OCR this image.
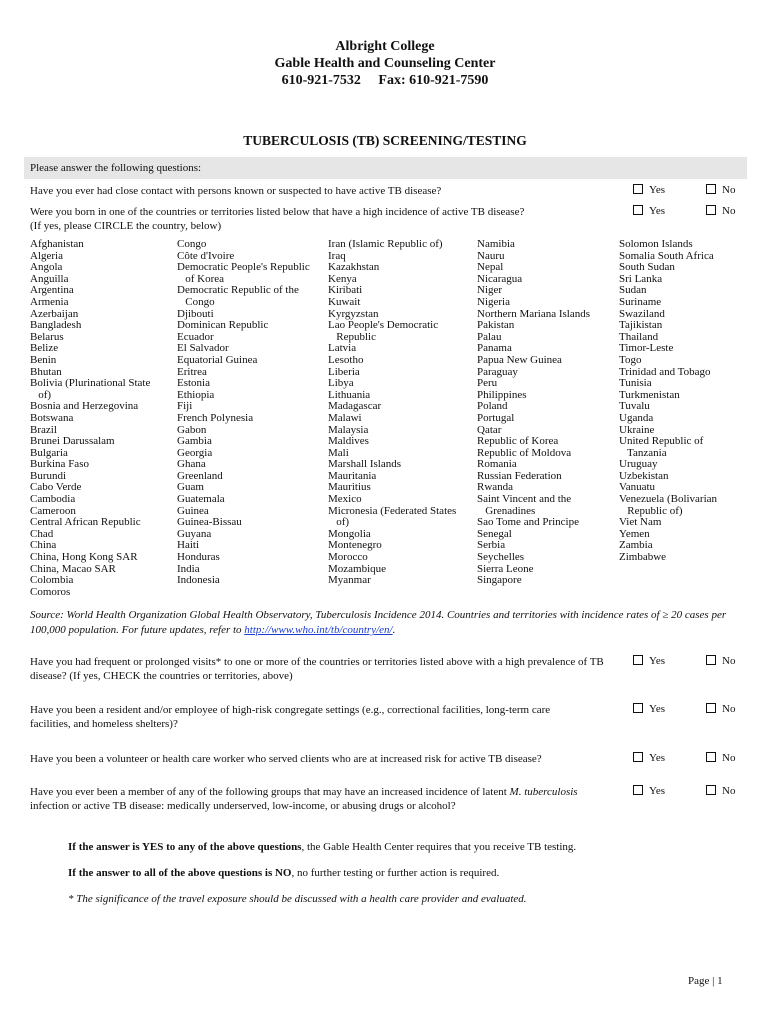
Albright College
Gable Health and Counseling Center
610-921-7532     Fax: 610-921-7590
TUBERCULOSIS (TB) SCREENING/TESTING
Please answer the following questions:
Have you ever had close contact with persons known or suspected to have active TB disease?	Yes	No
Were you born in one of the countries or territories listed below that have a high incidence of active TB disease?
(If yes, please CIRCLE the country, below)
Yes	No
Afghanistan
Algeria
Angola
Anguilla
Argentina
Armenia
Azerbaijan
Bangladesh
Belarus
Belize
Benin
Bhutan
Bolivia (Plurinational State
of)
Bosnia and Herzegovina
Botswana
Brazil
Brunei Darussalam
Bulgaria
Burkina Faso
Burundi
Cabo Verde
Cambodia
Cameroon
Central African Republic
Chad
China
China, Hong Kong SAR
China, Macao SAR
Colombia
Comoros
Congo
Côte d'Ivoire
Democratic People's Republic
of Korea
Democratic Republic of the
Congo
Djibouti
Dominican Republic
Ecuador
El Salvador
Equatorial Guinea
Eritrea
Estonia
Ethiopia
Fiji
French Polynesia
Gabon
Gambia
Georgia
Ghana
Greenland
Guam
Guatemala
Guinea
Guinea-Bissau
Guyana
Haiti
Honduras
India
Indonesia
Iran (Islamic Republic of)
Iraq
Kazakhstan
Kenya
Kiribati
Kuwait
Kyrgyzstan
Lao People's Democratic
Republic
Latvia
Lesotho
Liberia
Libya
Lithuania
Madagascar
Malawi
Malaysia
Maldives
Mali
Marshall Islands
Mauritania
Mauritius
Mexico
Micronesia (Federated States
of)
Mongolia
Montenegro
Morocco
Mozambique
Myanmar
Namibia
Nauru
Nepal
Nicaragua
Niger
Nigeria
Northern Mariana Islands
Pakistan
Palau
Panama
Papua New Guinea
Paraguay
Peru
Philippines
Poland
Portugal
Qatar
Republic of Korea
Republic of Moldova
Romania
Russian Federation
Rwanda
Saint Vincent and the
Grenadines
Sao Tome and Principe
Senegal
Serbia
Seychelles
Sierra Leone
Singapore
Solomon Islands
Somalia South Africa
South Sudan
Sri Lanka
Sudan
Suriname
Swaziland
Tajikistan
Thailand
Timor-Leste
Togo
Trinidad and Tobago
Tunisia
Turkmenistan
Tuvalu
Uganda
Ukraine
United Republic of
Tanzania
Uruguay
Uzbekistan
Vanuatu
Venezuela (Bolivarian
Republic of)
Viet Nam
Yemen
Zambia
Zimbabwe
Source: World Health Organization Global Health Observatory, Tuberculosis Incidence 2014. Countries and territories with incidence rates of ≥ 20 cases per 100,000 population. For future updates, refer to http://www.who.int/tb/country/en/.
Have you had frequent or prolonged visits* to one or more of the countries or territories listed above with a high prevalence of TB disease? (If yes, CHECK the countries or territories, above)
Yes	No
Have you been a resident and/or employee of high-risk congregate settings (e.g., correctional facilities, long-term care facilities, and homeless shelters)?
Yes	No
Have you been a volunteer or health care worker who served clients who are at increased risk for active TB disease?	Yes	No
Have you ever been a member of any of the following groups that may have an increased incidence of latent M. tuberculosis infection or active TB disease: medically underserved, low-income, or abusing drugs or alcohol?
Yes	No
If the answer is YES to any of the above questions, the Gable Health Center requires that you receive TB testing.
If the answer to all of the above questions is NO, no further testing or further action is required.
* The significance of the travel exposure should be discussed with a health care provider and evaluated.
Page | 1
